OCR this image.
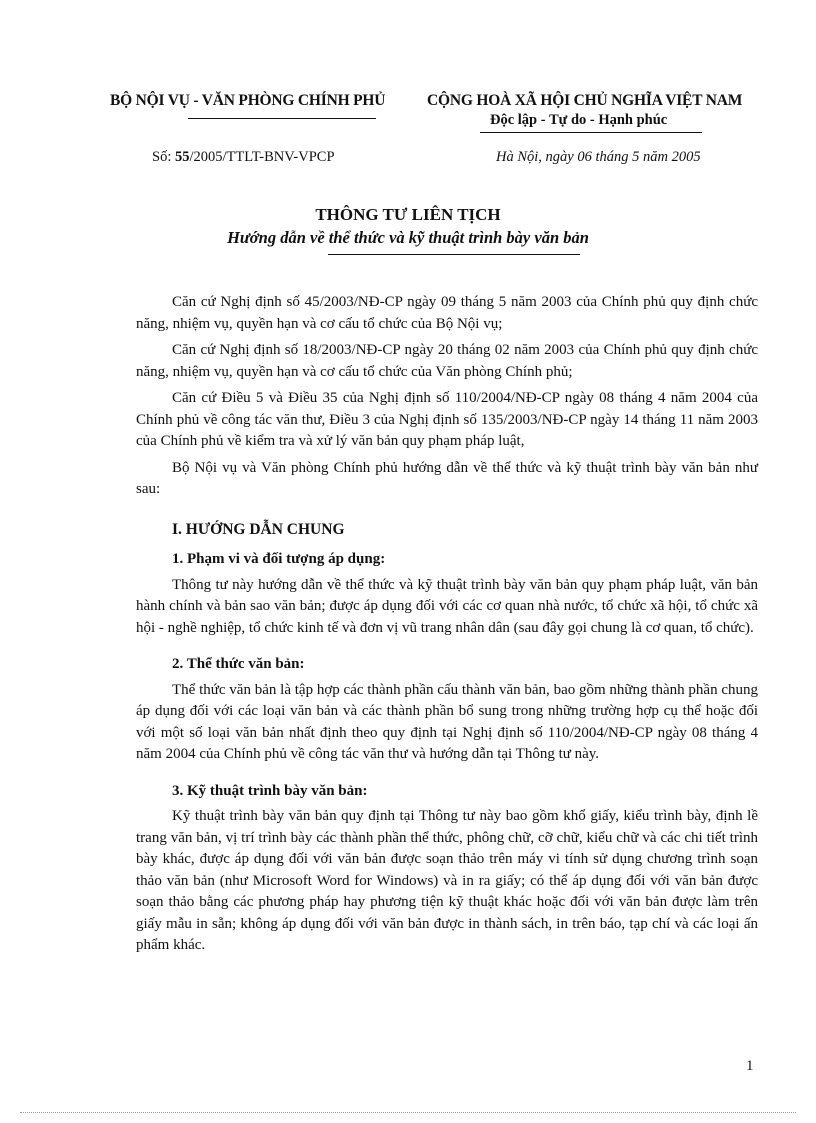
BỘ NỘI VỤ - VĂN PHÒNG CHÍNH PHỦ	CỘNG HOÀ XÃ HỘI CHỦ NGHĨA VIỆT NAM
Độc lập - Tự do - Hạnh phúc
Số: 55/2005/TTLT-BNV-VPCP	Hà Nội, ngày 06 tháng 5 năm 2005
THÔNG TƯ LIÊN TỊCH
Hướng dẫn về thể thức và kỹ thuật trình bày văn bản

Căn cứ Nghị định số 45/2003/NĐ-CP ngày 09 tháng 5 năm 2003 của Chính phủ quy định chức năng, nhiệm vụ, quyền hạn và cơ cấu tổ chức của Bộ Nội vụ;

Căn cứ Nghị định số 18/2003/NĐ-CP ngày 20 tháng 02 năm 2003 của Chính phủ quy định chức năng, nhiệm vụ, quyền hạn và cơ cấu tổ chức của Văn phòng Chính phủ;

Căn cứ Điều 5 và Điều 35 của Nghị định số 110/2004/NĐ-CP ngày 08 tháng 4 năm 2004 của Chính phủ về công tác văn thư, Điều 3 của Nghị định số 135/2003/NĐ-CP ngày 14 tháng 11 năm 2003 của Chính phủ về kiểm tra và xử lý văn bản quy phạm pháp luật,

Bộ Nội vụ và Văn phòng Chính phủ hướng dẫn về thể thức và kỹ thuật trình bày văn bản như sau:

I. HƯỚNG DẪN CHUNG
1. Phạm vi và đối tượng áp dụng:

Thông tư này hướng dẫn về thể thức và kỹ thuật trình bày văn bản quy phạm pháp luật, văn bản hành chính và bản sao văn bản; được áp dụng đối với các cơ quan nhà nước, tổ chức xã hội, tổ chức xã hội - nghề nghiệp, tổ chức kinh tế và đơn vị vũ trang nhân dân (sau đây gọi chung là cơ quan, tổ chức).

2. Thể thức văn bản:

Thể thức văn bản là tập hợp các thành phần cấu thành văn bản, bao gồm những thành phần chung áp dụng đối với các loại văn bản và các thành phần bổ sung trong những trường hợp cụ thể hoặc đối với một số loại văn bản nhất định theo quy định tại Nghị định số 110/2004/NĐ-CP ngày 08 tháng 4 năm 2004 của Chính phủ về công tác văn thư và hướng dẫn tại Thông tư này.

3. Kỹ thuật trình bày văn bản:

Kỹ thuật trình bày văn bản quy định tại Thông tư này bao gồm khổ giấy, kiểu trình bày, định lề trang văn bản, vị trí trình bày các thành phần thể thức, phông chữ, cỡ chữ, kiểu chữ và các chi tiết trình bày khác, được áp dụng đối với văn bản được soạn thảo trên máy vi tính sử dụng chương trình soạn thảo văn bản (như Microsoft Word for Windows) và in ra giấy; có thể áp dụng đối với văn bản được soạn thảo bằng các phương pháp hay phương tiện kỹ thuật khác hoặc đối với văn bản được làm trên giấy mẫu in sẵn; không áp dụng đối với văn bản được in thành sách, in trên báo, tạp chí và các loại ấn phẩm khác.

1
